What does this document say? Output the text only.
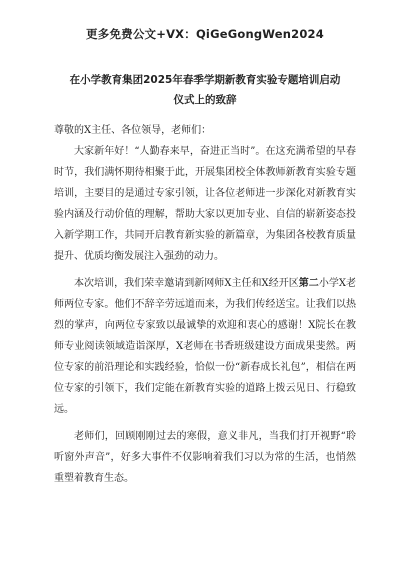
更多免费公文+VX：QiGeGongWen2024
在小学教育集团2025年春季学期新教育实验专题培训启动
仪式上的致辞
尊敬的X主任、各位领导，老师们：

大家新年好！“人勤春来早，奋进正当时”。在这充满希望的早春时节，我们满怀期待相聚于此，开展集团校全体教师新教育实验专题培训，主要目的是通过专家引领，让各位老师进一步深化对新教育实验内涵及行动价值的理解，帮助大家以更加专业、自信的崭新姿态投入新学期工作，共同开启教育新实验的新篇章，为集团各校教育质量提升、优质均衡发展注入强劲的动力。

本次培训，我们荣幸邀请到新网师X主任和X经开区第二小学X老师两位专家。他们不辞辛劳远道而来，为我们传经送宝。让我们以热烈的掌声，向两位专家致以最诚挚的欢迎和衷心的感谢！X院长在教师专业阅读领域造诣深厚，X老师在书香班级建设方面成果斐然。两位专家的前沿理论和实践经验，恰似一份“新春成长礼包”，相信在两位专家的引领下，我们定能在新教育实验的道路上拨云见日、行稳致远。

老师们，回顾刚刚过去的寒假，意义非凡，当我们打开视野“聆听窗外声音”，好多大事件不仅影响着我们习以为常的生活，也悄然重塑着教育生态。
